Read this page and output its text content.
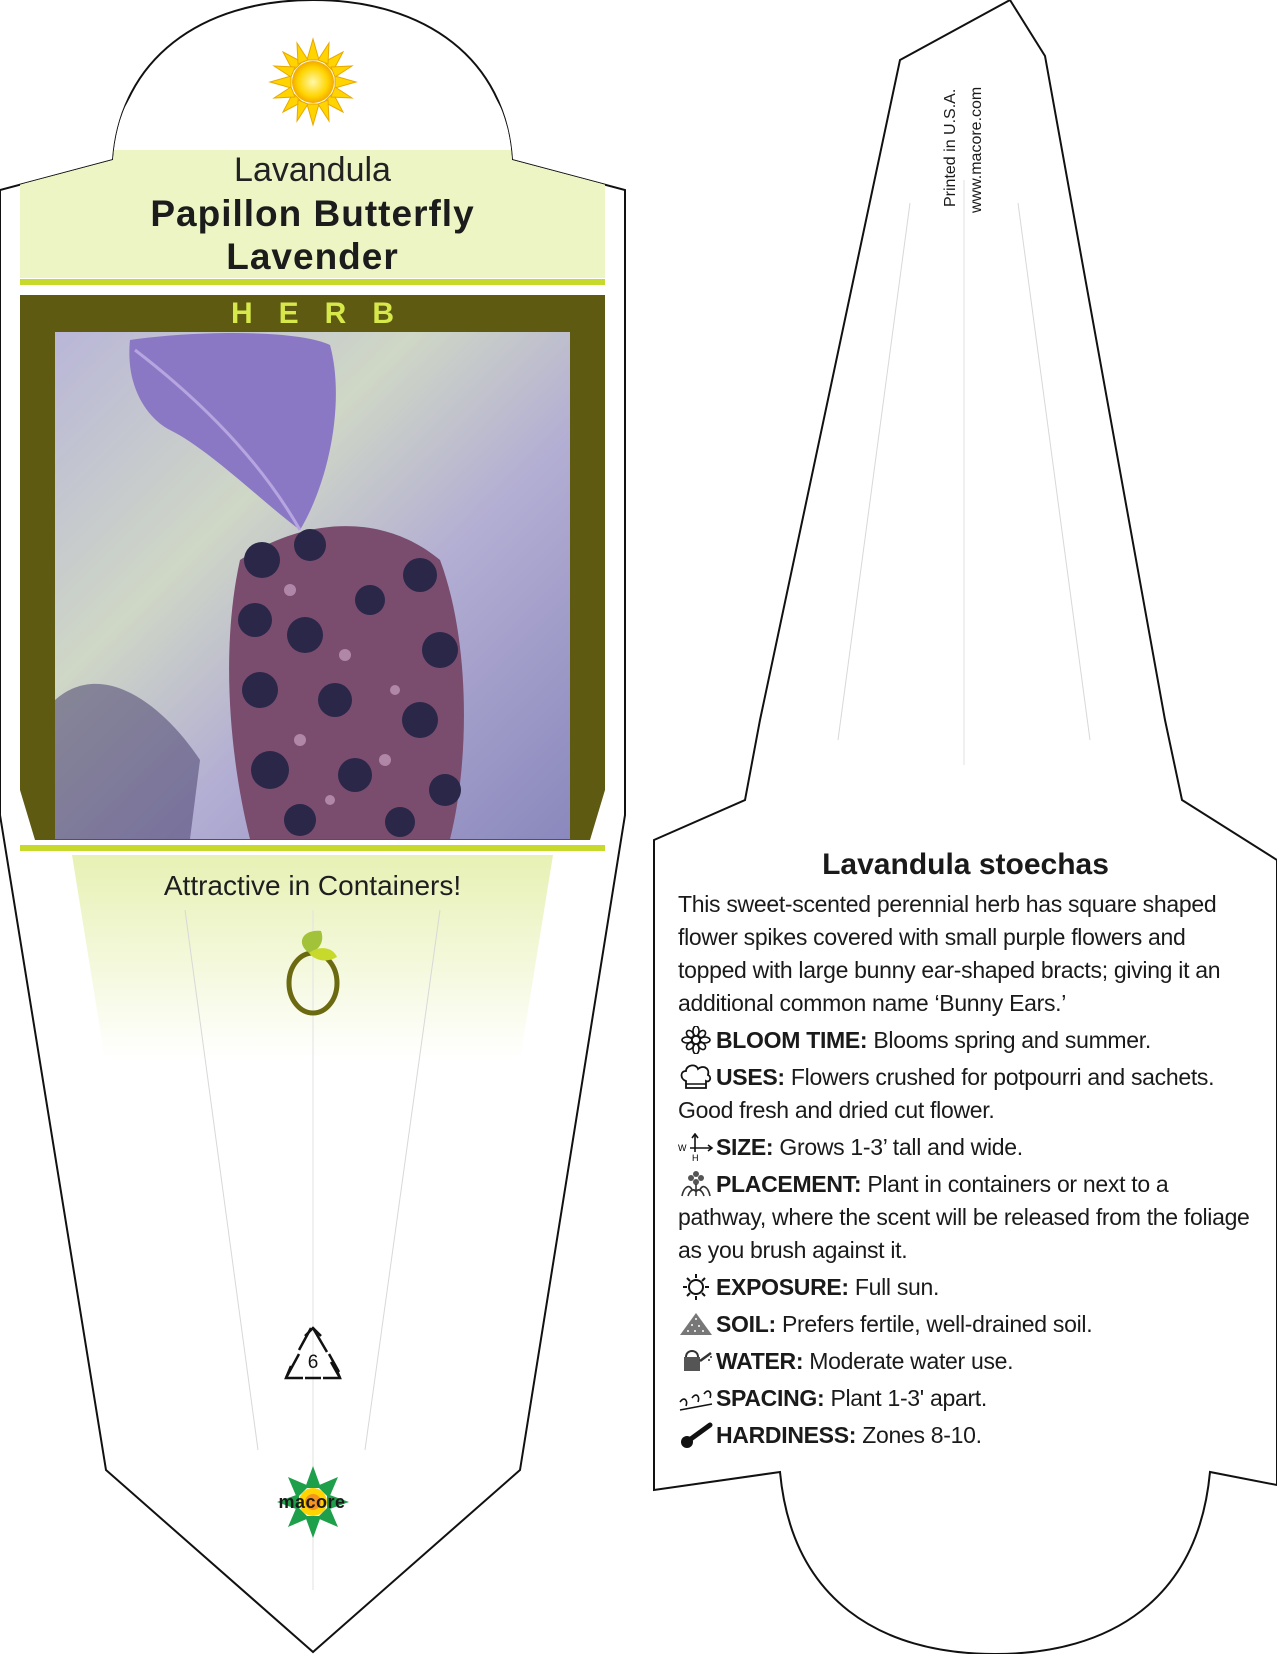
Lavandula
Papillon Butterfly
Lavender
HERB
Attractive in Containers!
6
macore
Printed in U.S.A. www.macore.com
Lavandula stoechas
This sweet-scented perennial herb has square shaped flower spikes covered with small purple flowers and topped with large bunny ear-shaped bracts; giving it an additional common name ‘Bunny Ears.’
BLOOM TIME: Blooms spring and summer.
USES: Flowers crushed for potpourri and sachets. Good fresh and dried cut flower.
W
H SIZE: Grows 1-3’ tall and wide.
PLACEMENT: Plant in containers or next to a pathway, where the scent will be released from the foliage as you brush against it.
EXPOSURE: Full sun.
SOIL: Prefers fertile, well-drained soil.
WATER: Moderate water use.
SPACING: Plant 1-3' apart.
HARDINESS: Zones 8-10.
